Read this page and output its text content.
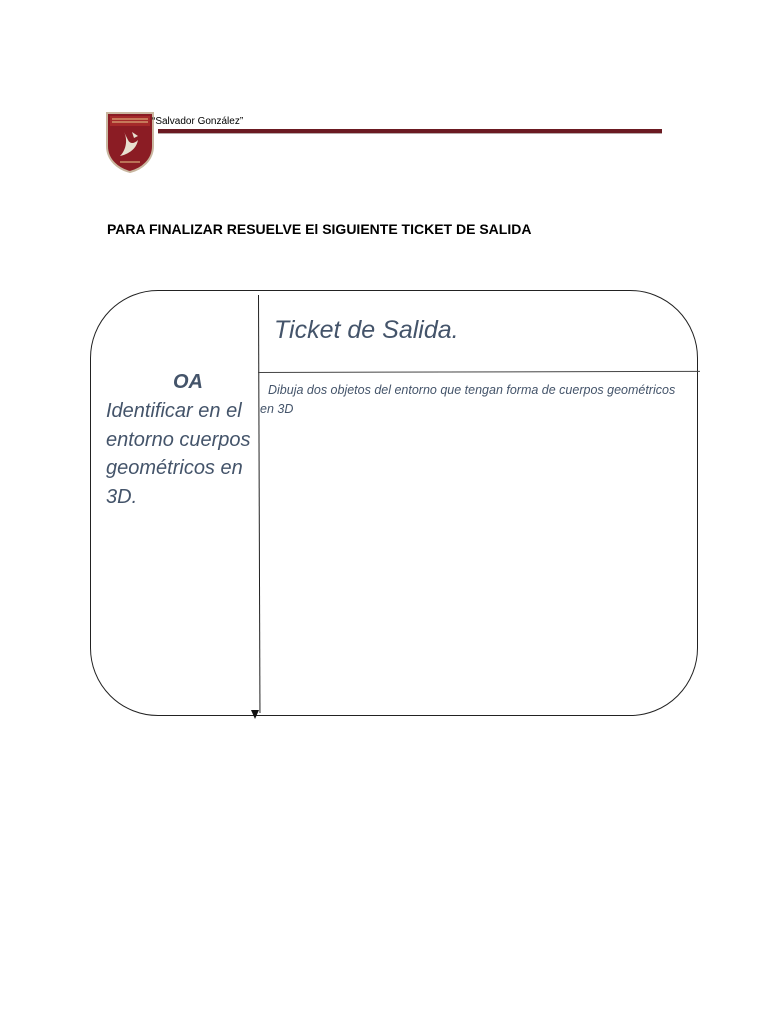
“Salvador González”
PARA FINALIZAR RESUELVE El SIGUIENTE TICKET DE SALIDA
Ticket de Salida.
OA
Identificar en el entorno cuerpos geométricos en 3D.
Dibuja dos objetos del entorno que tengan forma de cuerpos geométricos en 3D
